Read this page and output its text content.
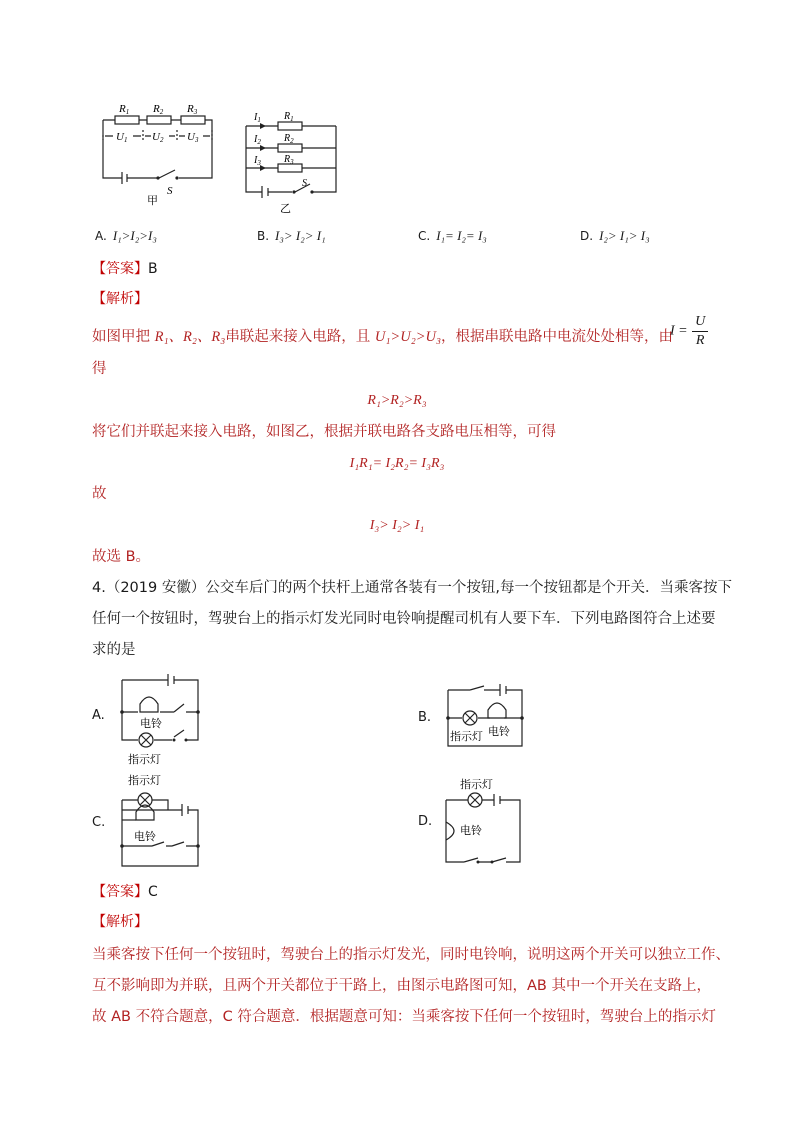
R1 R2 R3
U1 U2 U3
S
甲
$I_1$
$I_2$
$I_3$
$R_1$
$R_2$
$R_3$
S
乙
A. I₁>I₂>I₃	B. I₃> I₂> I₁	C. I₁= I₂= I₃	D. I₂> I₁> I₃
【答案】B
【解析】
如图甲把 R₁、R₂、R₃串联起来接入电路，且 U₁>U₂>U₃，根据串联电路中电流处处相等，由
$I = \frac{U}{R}$
得
R₁>R₂>R₃
将它们并联起来接入电路，如图乙，根据并联电路各支路电压相等，可得
I₁R₁= I₂R₂= I₃R₃
故
I₃> I₂> I₁
故选 B。
4.（2019 安徽）公交车后门的两个扶杆上通常各装有一个按钮,每一个按钮都是个开关．当乘客按下
任何一个按钮时，驾驶台上的指示灯发光同时电铃响提醒司机有人要下车．下列电路图符合上述要
求的是
A.
电铃
指示灯
B.
指示灯 电铃
C.
指示灯
电铃
D.
指示灯
电铃
【答案】C
【解析】
当乘客按下任何一个按钮时，驾驶台上的指示灯发光，同时电铃响，说明这两个开关可以独立工作、
互不影响即为并联，且两个开关都位于干路上，由图示电路图可知，AB 其中一个开关在支路上，
故 AB 不符合题意，C 符合题意．根据题意可知：当乘客按下任何一个按钮时，驾驶台上的指示灯
